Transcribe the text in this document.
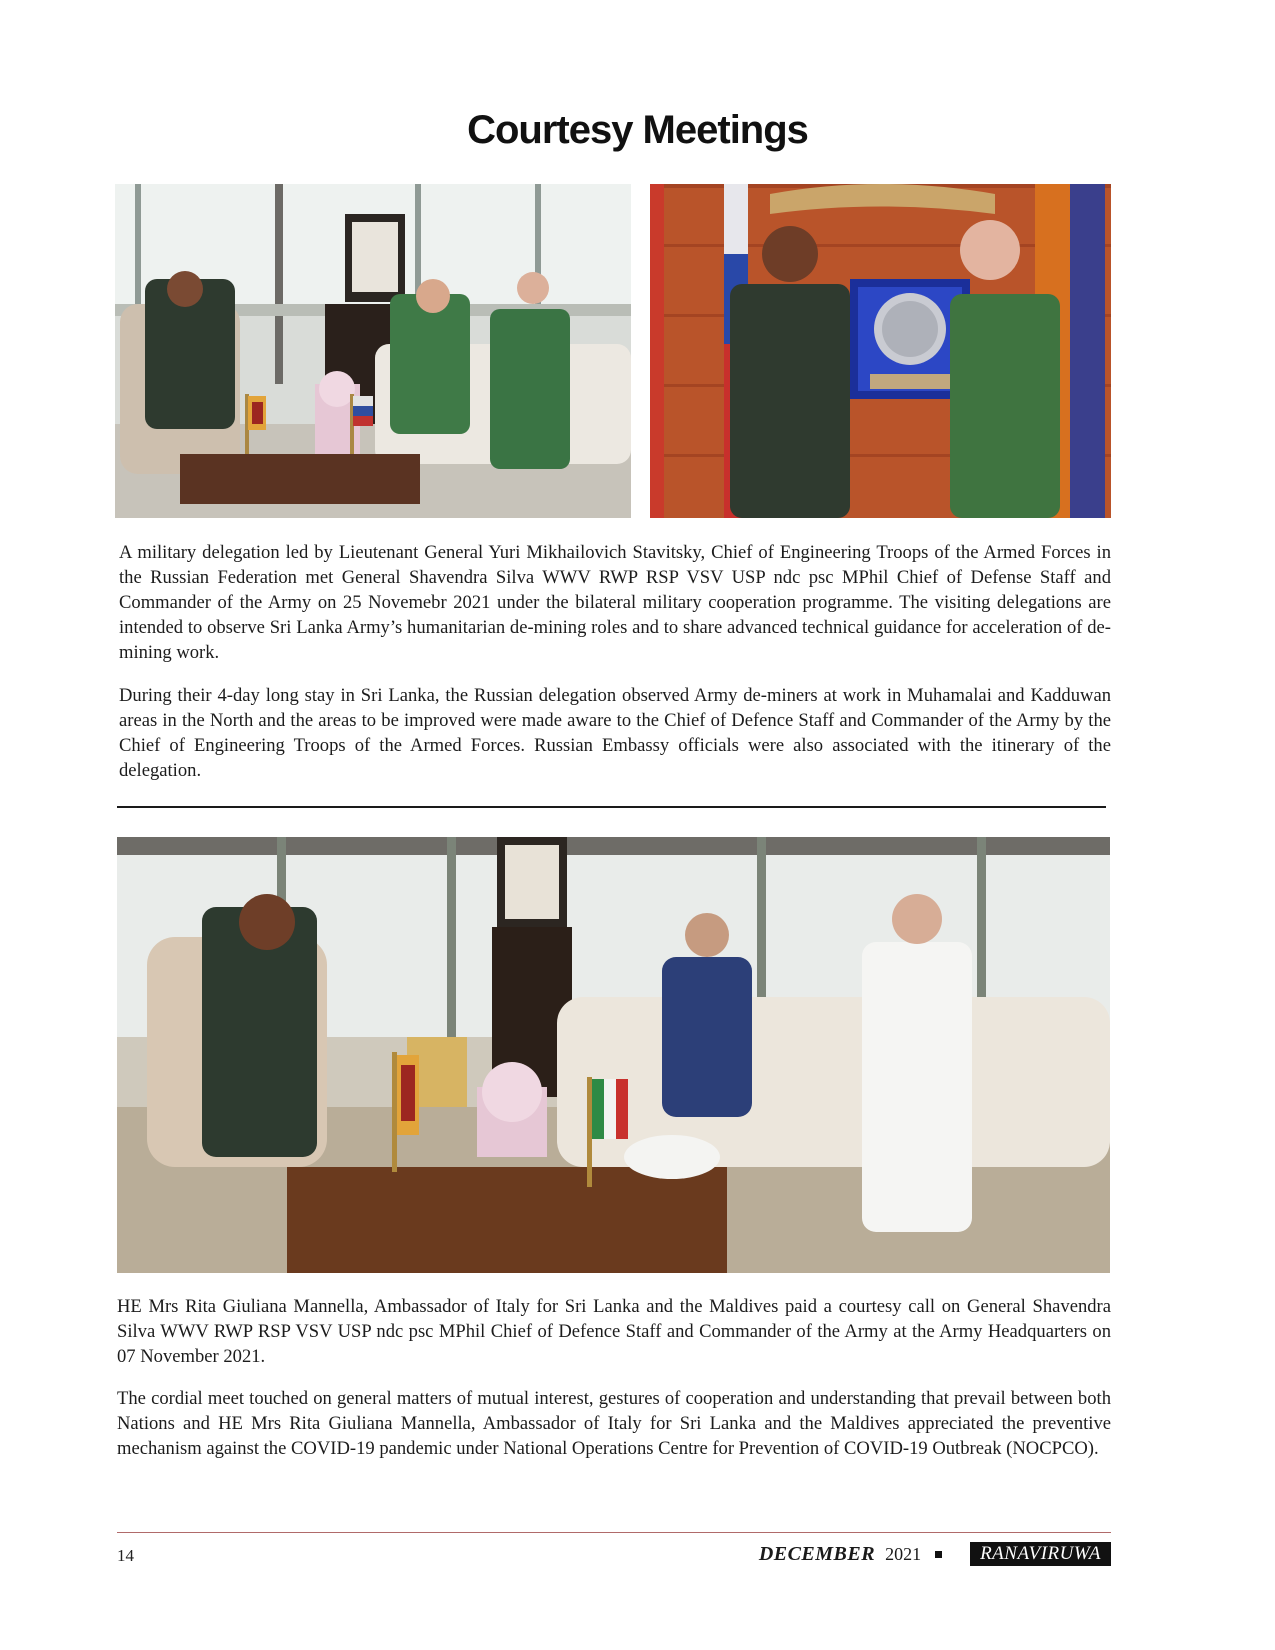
Courtesy Meetings
A military delegation led by Lieutenant General Yuri Mikhailovich Stavitsky, Chief of Engineering Troops of the Armed Forces in the Russian Federation met General Shavendra Silva WWV RWP RSP VSV USP ndc psc MPhil Chief of Defense Staff and Commander of the Army on 25 Novemebr 2021 under the bilateral military cooperation programme. The visiting delegations are intended to observe Sri Lanka Army’s humanitarian de-mining roles and to share advanced technical guidance for acceleration of de-mining work.
During their 4-day long stay in Sri Lanka, the Russian delegation observed Army de-miners at work in Muhamalai and Kadduwan areas in the North and the areas to be improved were made aware to the Chief of Defence Staff and Commander of the Army by the Chief of Engineering Troops of the Armed Forces. Russian Embassy officials were also associated with the itinerary of the delegation.
HE Mrs Rita Giuliana Mannella, Ambassador of Italy for Sri Lanka and the Maldives paid a courtesy call on General Shavendra Silva WWV RWP RSP VSV USP ndc psc MPhil Chief of Defence Staff and Commander of the Army at the Army Headquarters on 07 November 2021.
The cordial meet touched on general matters of mutual interest, gestures of cooperation and understanding that prevail between both Nations and HE Mrs Rita Giuliana Mannella, Ambassador of Italy for Sri Lanka and the Maldives appreciated the preventive mechanism against the COVID-19 pandemic under National Operations Centre for Prevention of COVID-19 Outbreak (NOCPCO).
14	DECEMBER 2021	RANAVIRUWA
